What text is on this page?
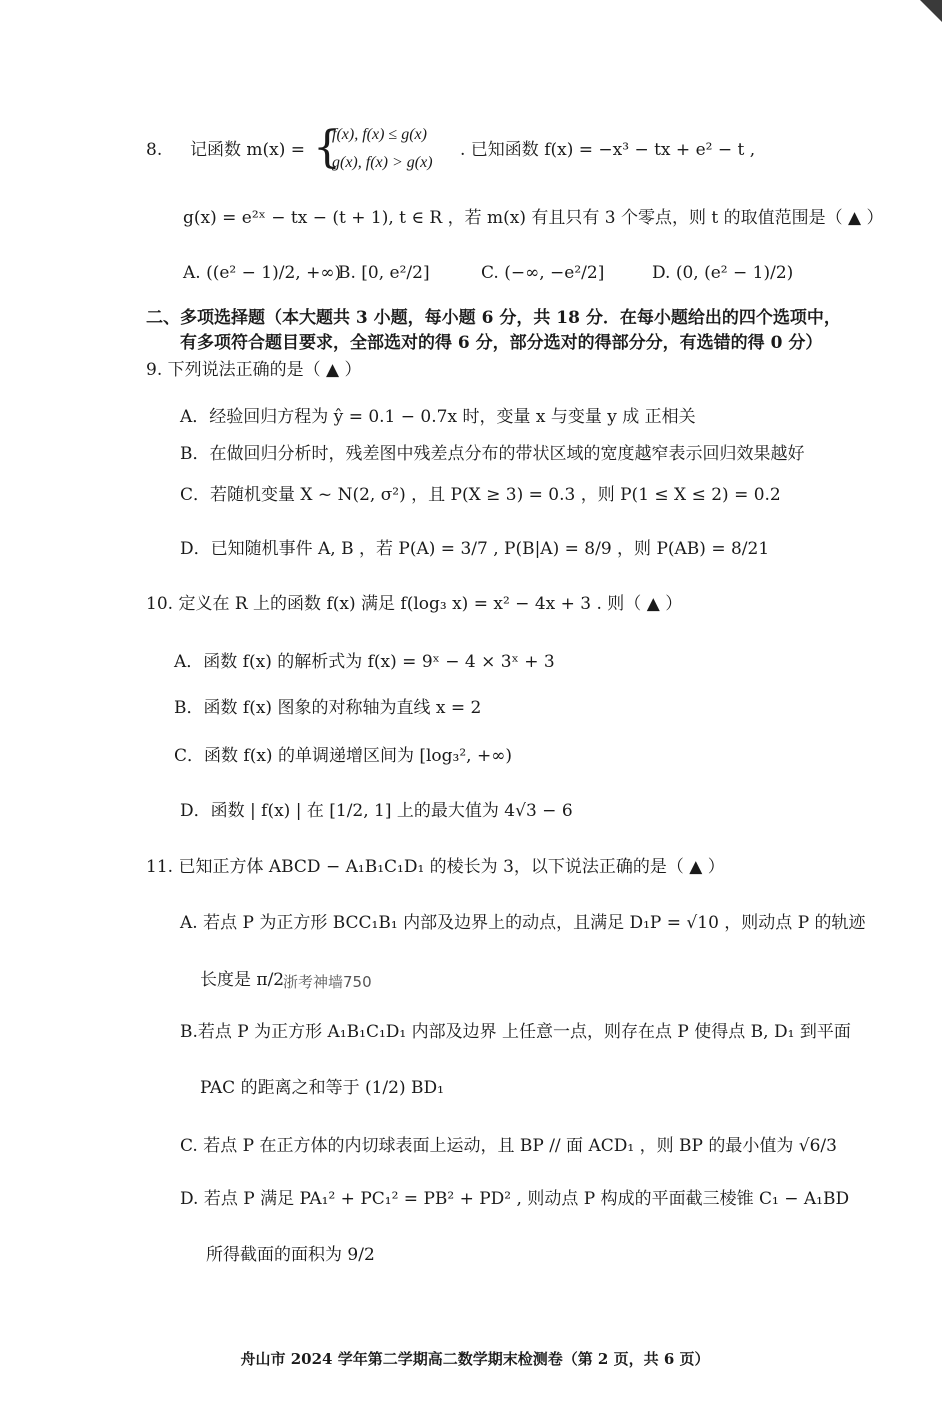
8. 记函数 m(x) = {
f(x), f(x) ≤ g(x)
g(x), f(x) > g(x)
. 已知函数 f(x) = −x³ − tx + e² − t ,
g(x) = e²ˣ − tx − (t + 1), t ∈ R ，若 m(x) 有且只有 3 个零点，则 t 的取值范围是（ ▲ ）
A. ((e² − 1)/2, +∞)
B. [0, e²/2]	C. (−∞, −e²/2]	D. (0, (e² − 1)/2)
二、多项选择题（本大题共 3 小题，每小题 6 分，共 18 分．在每小题给出的四个选项中，
有多项符合题目要求，全部选对的得 6 分，部分选对的得部分分，有选错的得 0 分）
9. 下列说法正确的是（ ▲ ）
A．经验回归方程为 ŷ = 0.1 − 0.7x 时，变量 x 与变量 y 成 正相关
B．在做回归分析时，残差图中残差点分布的带状区域的宽度越窄表示回归效果越好
C．若随机变量 X ~ N(2, σ²) ，且 P(X ≥ 3) = 0.3 ，则 P(1 ≤ X ≤ 2) = 0.2
D．已知随机事件 A, B ，若 P(A) = 3/7 , P(B|A) = 8/9 ，则 P(AB) = 8/21
10. 定义在 R 上的函数 f(x) 满足 f(log₃ x) = x² − 4x + 3 . 则（ ▲ ）
A．函数 f(x) 的解析式为 f(x) = 9ˣ − 4 × 3ˣ + 3
B．函数 f(x) 图象的对称轴为直线 x = 2
C．函数 f(x) 的单调递增区间为 [log₃², +∞)
D．函数 | f(x) | 在 [1/2, 1] 上的最大值为 4√3 − 6
11. 已知正方体 ABCD − A₁B₁C₁D₁ 的棱长为 3，以下说法正确的是（ ▲ ）
A. 若点 P 为正方形 BCC₁B₁ 内部及边界上的动点，且满足 D₁P = √10 ，则动点 P 的轨迹
长度是 π/2
浙考神墙750
B.若点 P 为正方形 A₁B₁C₁D₁ 内部及边界 上任意一点，则存在点 P 使得点 B, D₁ 到平面
PAC 的距离之和等于 (1/2) BD₁
C. 若点 P 在正方体的内切球表面上运动，且 BP // 面 ACD₁ ，则 BP 的最小值为 √6/3
D. 若点 P 满足 PA₁² + PC₁² = PB² + PD² , 则动点 P 构成的平面截三棱锥 C₁ − A₁BD
所得截面的面积为 9/2
舟山市 2024 学年第二学期高二数学期末检测卷（第 2 页，共 6 页）
